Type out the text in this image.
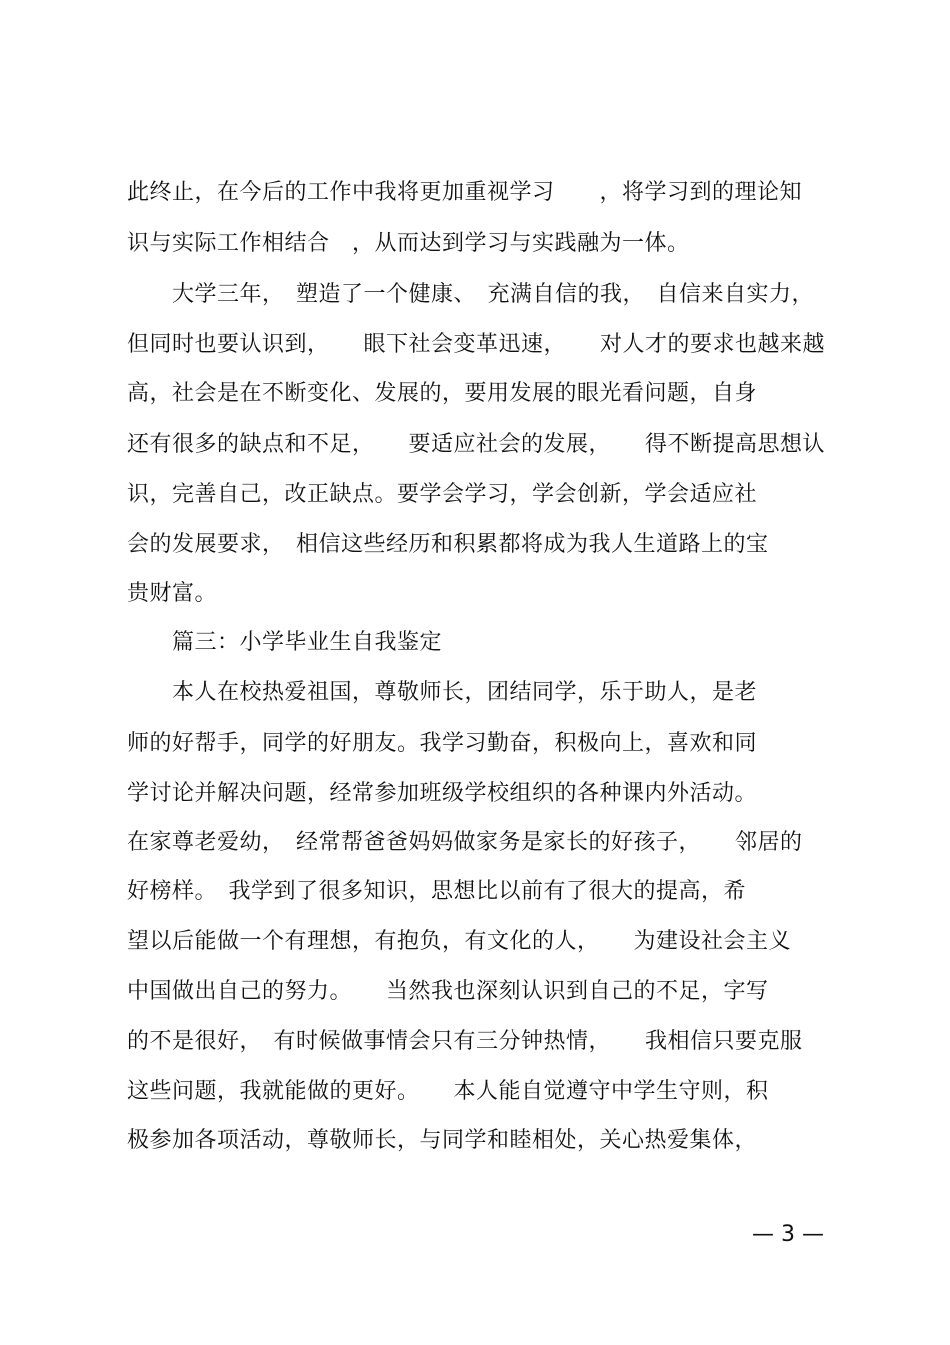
此终止，在今后的工作中我将更加重视学习　　，将学习到的理论知
识与实际工作相结合　，从而达到学习与实践融为一体。
　　大学三年，　塑造了一个健康、　充满自信的我，　自信来自实力，
但同时也要认识到，　　眼下社会变革迅速，　　对人才的要求也越来越
高，社会是在不断变化、发展的，要用发展的眼光看问题，自身
还有很多的缺点和不足，　　要适应社会的发展，　　得不断提高思想认
识，完善自己，改正缺点。要学会学习，学会创新，学会适应社
会的发展要求，　相信这些经历和积累都将成为我人生道路上的宝
贵财富。
　　篇三：小学毕业生自我鉴定
　　本人在校热爱祖国，尊敬师长，团结同学，乐于助人，是老
师的好帮手，同学的好朋友。我学习勤奋，积极向上，喜欢和同
学讨论并解决问题，经常参加班级学校组织的各种课内外活动。
在家尊老爱幼，　经常帮爸爸妈妈做家务是家长的好孩子，　　邻居的
好榜样。　我学到了很多知识，思想比以前有了很大的提高，希
望以后能做一个有理想，有抱负，有文化的人，　　为建设社会主义
中国做出自己的努力。　　当然我也深刻认识到自己的不足，字写
的不是很好，　有时候做事情会只有三分钟热情，　　我相信只要克服
这些问题，我就能做的更好。　　本人能自觉遵守中学生守则，积
极参加各项活动，尊敬师长，与同学和睦相处，关心热爱集体，
— 3 —
